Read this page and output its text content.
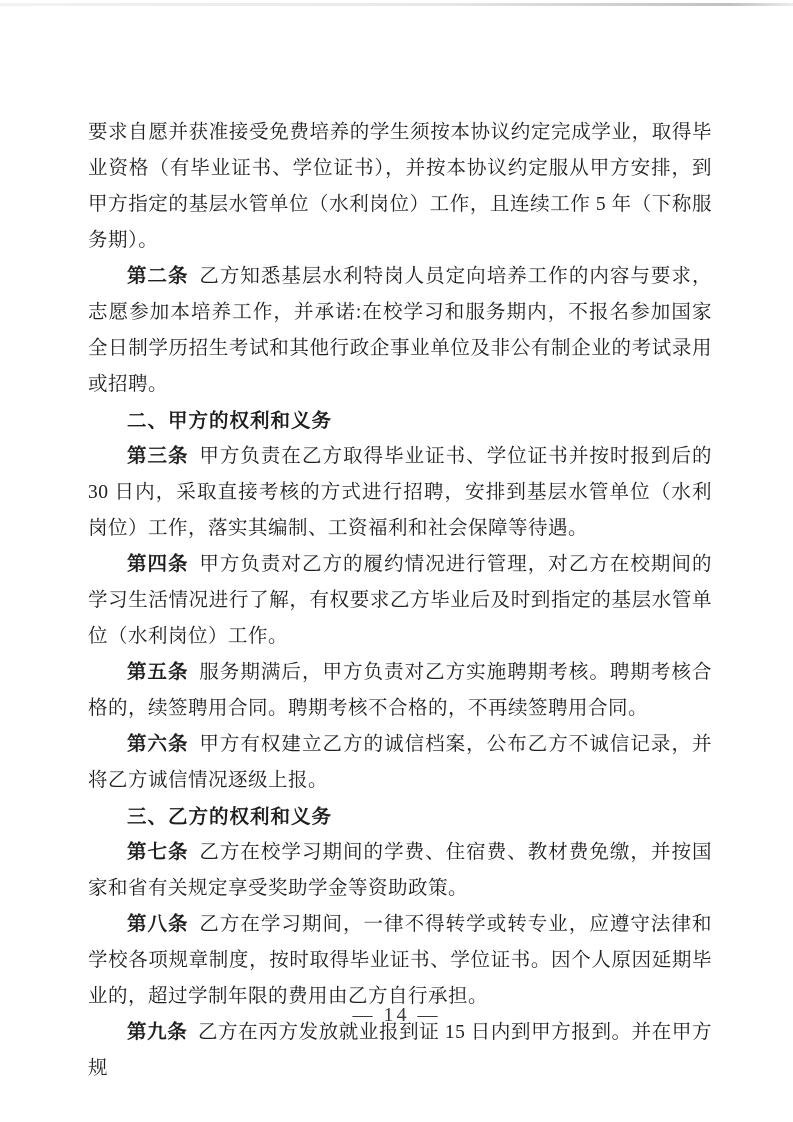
要求自愿并获准接受免费培养的学生须按本协议约定完成学业，取得毕业资格（有毕业证书、学位证书），并按本协议约定服从甲方安排，到甲方指定的基层水管单位（水利岗位）工作，且连续工作 5 年（下称服务期）。

第二条 乙方知悉基层水利特岗人员定向培养工作的内容与要求，志愿参加本培养工作，并承诺:在校学习和服务期内，不报名参加国家全日制学历招生考试和其他行政企事业单位及非公有制企业的考试录用或招聘。

二、甲方的权利和义务

第三条 甲方负责在乙方取得毕业证书、学位证书并按时报到后的 30 日内，采取直接考核的方式进行招聘，安排到基层水管单位（水利岗位）工作，落实其编制、工资福利和社会保障等待遇。

第四条 甲方负责对乙方的履约情况进行管理，对乙方在校期间的学习生活情况进行了解，有权要求乙方毕业后及时到指定的基层水管单位（水利岗位）工作。

第五条 服务期满后，甲方负责对乙方实施聘期考核。聘期考核合格的，续签聘用合同。聘期考核不合格的，不再续签聘用合同。

第六条 甲方有权建立乙方的诚信档案，公布乙方不诚信记录，并将乙方诚信情况逐级上报。

三、乙方的权利和义务

第七条 乙方在校学习期间的学费、住宿费、教材费免缴，并按国家和省有关规定享受奖助学金等资助政策。

第八条 乙方在学习期间，一律不得转学或转专业，应遵守法律和学校各项规章制度，按时取得毕业证书、学位证书。因个人原因延期毕业的，超过学制年限的费用由乙方自行承担。

第九条 乙方在丙方发放就业报到证 15 日内到甲方报到。并在甲方规

— 14 —
